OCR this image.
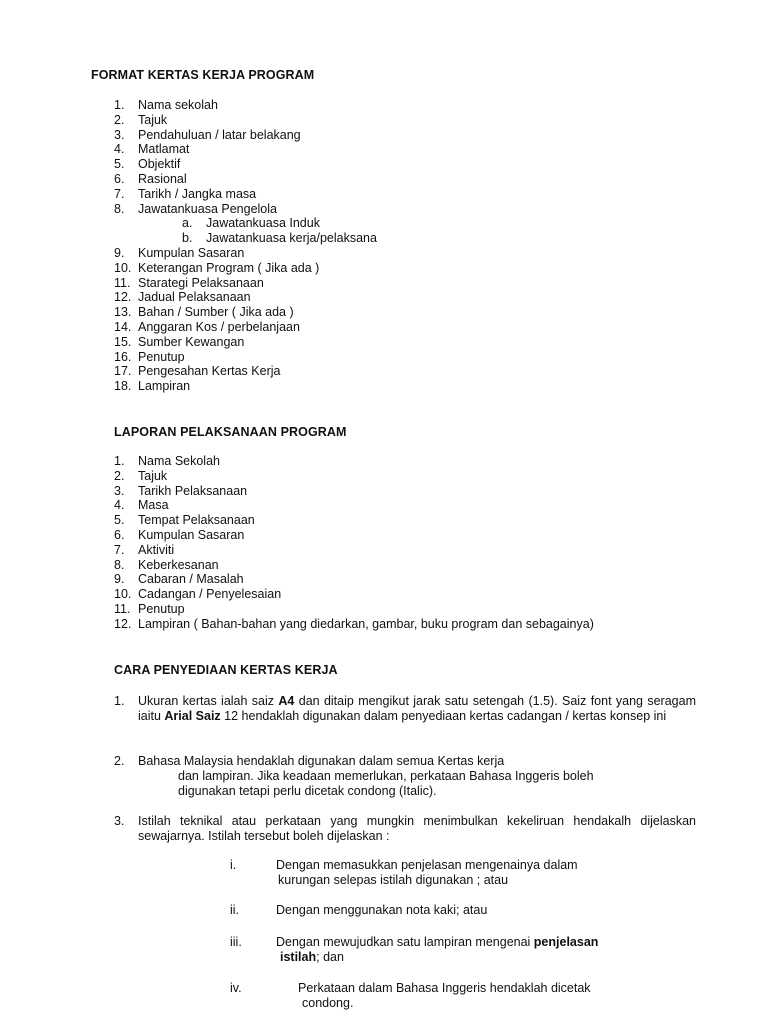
FORMAT KERTAS KERJA PROGRAM
1. Nama sekolah
2. Tajuk
3. Pendahuluan / latar belakang
4. Matlamat
5. Objektif
6. Rasional
7. Tarikh / Jangka masa
8. Jawatankuasa Pengelola
a. Jawatankuasa Induk
b. Jawatankuasa kerja/pelaksana
9. Kumpulan Sasaran
10. Keterangan Program ( Jika ada )
11. Starategi Pelaksanaan
12. Jadual Pelaksanaan
13. Bahan / Sumber ( Jika ada )
14. Anggaran Kos / perbelanjaan
15. Sumber Kewangan
16. Penutup
17. Pengesahan Kertas Kerja
18. Lampiran
LAPORAN PELAKSANAAN PROGRAM
1. Nama Sekolah
2. Tajuk
3. Tarikh Pelaksanaan
4. Masa
5. Tempat Pelaksanaan
6. Kumpulan Sasaran
7. Aktiviti
8. Keberkesanan
9. Cabaran / Masalah
10. Cadangan / Penyelesaian
11. Penutup
12. Lampiran ( Bahan-bahan yang diedarkan, gambar, buku program dan sebagainya)
CARA PENYEDIAAN KERTAS KERJA
1.	Ukuran kertas ialah saiz A4 dan ditaip mengikut jarak satu setengah (1.5). Saiz font yang seragam iaitu Arial Saiz 12 hendaklah digunakan dalam penyediaan kertas cadangan / kertas konsep ini
2.	Bahasa Malaysia hendaklah digunakan dalam semua Kertas kerja
dan lampiran. Jika keadaan memerlukan, perkataan Bahasa Inggeris boleh
digunakan tetapi perlu dicetak condong (Italic).
3.	Istilah teknikal atau perkataan yang mungkin menimbulkan kekeliruan hendakalh dijelaskan sewajarnya. Istilah tersebut boleh dijelaskan :
i.	Dengan memasukkan penjelasan mengenainya dalam
kurungan selepas istilah digunakan ; atau
ii.	Dengan menggunakan nota kaki; atau
iii.	Dengan mewujudkan satu lampiran mengenai penjelasan
istilah; dan
iv.	Perkataan dalam Bahasa Inggeris hendaklah dicetak
condong.
